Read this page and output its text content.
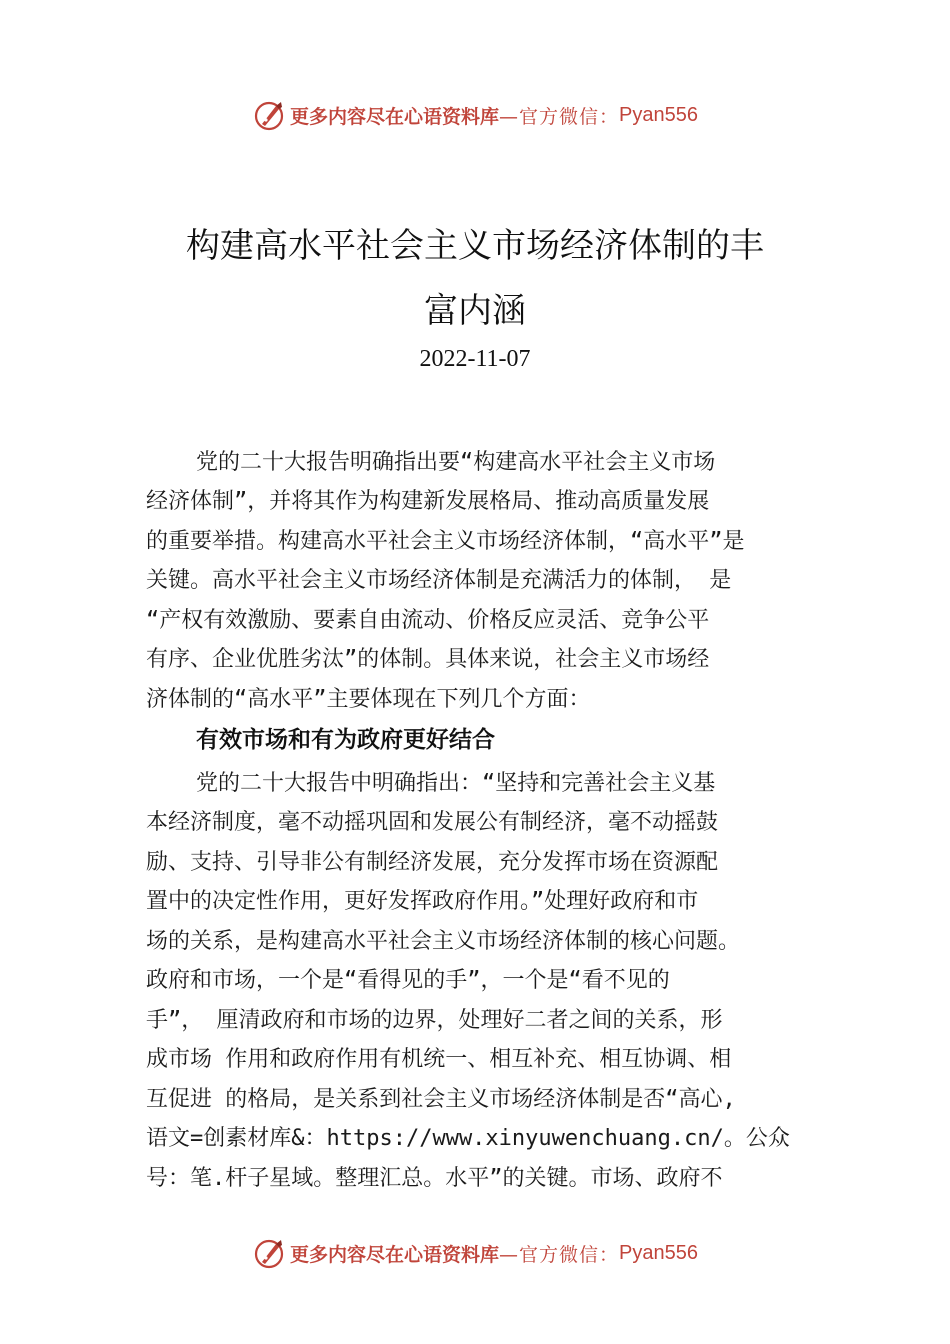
更多内容尽在心语资料库 —官方微信： Pyan556
构建高水平社会主义市场经济体制的丰
富内涵
2022-11-07
党的二十大报告明确指出要“构建高水平社会主义市场
经济体制”，并将其作为构建新发展格局、推动高质量发展
的重要举措。构建高水平社会主义市场经济体制，“高水平”是
关键。高水平社会主义市场经济体制是充满活力的体制， 是
“产权有效激励、要素自由流动、价格反应灵活、竞争公平
有序、企业优胜劣汰”的体制。具体来说，社会主义市场经
济体制的“高水平”主要体现在下列几个方面：
有效市场和有为政府更好结合
党的二十大报告中明确指出：“坚持和完善社会主义基
本经济制度，毫不动摇巩固和发展公有制经济，毫不动摇鼓
励、支持、引导非公有制经济发展，充分发挥市场在资源配
置中的决定性作用，更好发挥政府作用。”处理好政府和市
场的关系，是构建高水平社会主义市场经济体制的核心问题。
政府和市场，一个是“看得见的手”，一个是“看不见的
手”， 厘清政府和市场的边界，处理好二者之间的关系，形
成市场 作用和政府作用有机统一、相互补充、相互协调、相
互促进 的格局，是关系到社会主义市场经济体制是否“高心,
语文=创素材库&：https://www.xinyuwenchuang.cn/。公众
号：笔.杆子星域。整理汇总。水平”的关键。市场、政府不
更多内容尽在心语资料库 —官方微信： Pyan556
